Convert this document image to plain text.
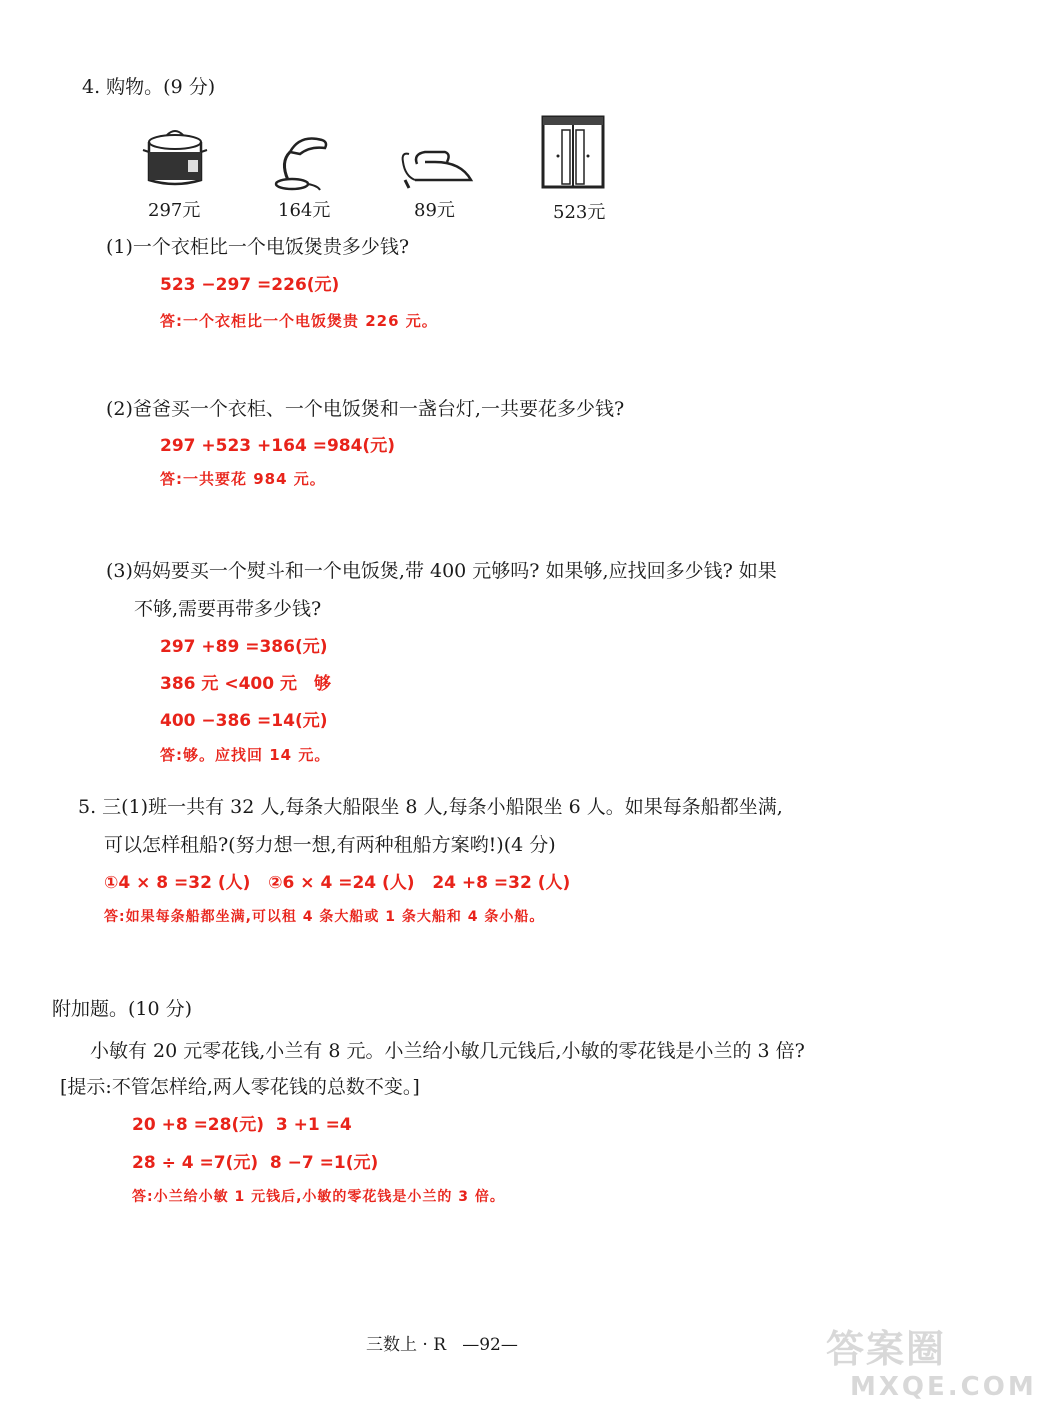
4. 购物。(9 分)
297元	164元	89元	523元
(1)一个衣柜比一个电饭煲贵多少钱?
523 −297 =226(元)
答:一个衣柜比一个电饭煲贵 226 元。
(2)爸爸买一个衣柜、一个电饭煲和一盏台灯,一共要花多少钱?
297 +523 +164 =984(元)
答:一共要花 984 元。
(3)妈妈要买一个熨斗和一个电饭煲,带 400 元够吗? 如果够,应找回多少钱? 如果
不够,需要再带多少钱?
297 +89 =386(元)
386 元 <400 元 够
400 −386 =14(元)
答:够。应找回 14 元。
5. 三(1)班一共有 32 人,每条大船限坐 8 人,每条小船限坐 6 人。如果每条船都坐满,
可以怎样租船?(努力想一想,有两种租船方案哟!)(4 分)
①4 × 8 =32 (人)   ②6 × 4 =24 (人)   24 +8 =32 (人)
答:如果每条船都坐满,可以租 4 条大船或 1 条大船和 4 条小船。
附加题。(10 分)
小敏有 20 元零花钱,小兰有 8 元。小兰给小敏几元钱后,小敏的零花钱是小兰的 3 倍?
[提示:不管怎样给,两人零花钱的总数不变。]
20 +8 =28(元)  3 +1 =4
28 ÷ 4 =7(元)  8 −7 =1(元)
答:小兰给小敏 1 元钱后,小敏的零花钱是小兰的 3 倍。
三数上 · R   —92—	答案圈
MXQE.COM
